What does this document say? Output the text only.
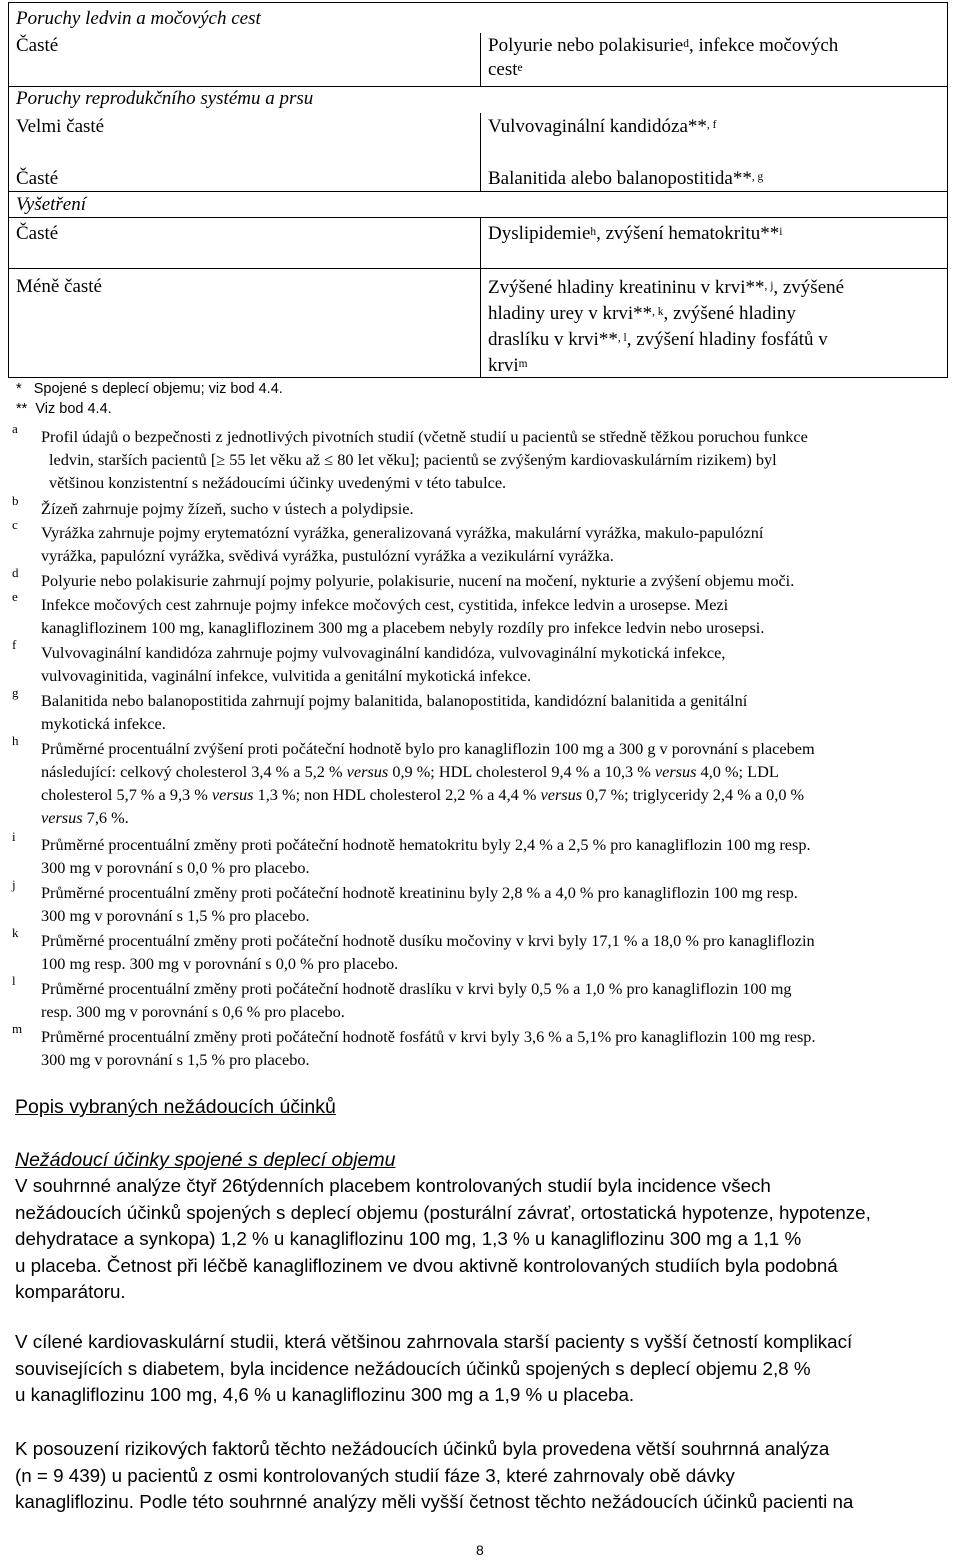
Poruchy ledvin a močových cest
Časté	Polyurie nebo polakisurie$^d$, infekce močových
cest$^e$
Poruchy reprodukčního systému a prsu
Velmi časté	Vulvovaginální kandidóza**$^{, f}$
Časté	Balanitida alebo balanopostitida**$^{, g}$
Vyšetření
Časté	Dyslipidemie$^h$, zvýšení hematokritu**$^i$
Méně časté	Zvýšené hladiny kreatininu v krvi**$^{, j}$, zvýšené
hladiny urey v krvi**$^{, k}$, zvýšené hladiny
draslíku v krvi**$^{, l}$, zvýšení hladiny fosfátů v
krvi$^m$
*   Spojené s deplecí objemu; viz bod 4.4.
**  Viz bod 4.4.
a Profil údajů o bezpečnosti z jednotlivých pivotních studií (včetně studií u pacientů se středně těžkou poruchou funkce
ledvin, starších pacientů [≥ 55 let věku až ≤ 80 let věku]; pacientů se zvýšeným kardiovaskulárním rizikem) byl
většinou konzistentní s nežádoucími účinky uvedenými v této tabulce.
b Žízeň zahrnuje pojmy žízeň, sucho v ústech a polydipsie.
c Vyrážka zahrnuje pojmy erytematózní vyrážka, generalizovaná vyrážka, makulární vyrážka, makulo-papulózní
vyrážka, papulózní vyrážka, svědivá vyrážka, pustulózní vyrážka a vezikulární vyrážka.
d Polyurie nebo polakisurie zahrnují pojmy polyurie, polakisurie, nucení na močení, nykturie a zvýšení objemu moči.
e Infekce močových cest zahrnuje pojmy infekce močových cest, cystitida, infekce ledvin a urosepse. Mezi
kanagliflozinem 100 mg, kanagliflozinem 300 mg a placebem nebyly rozdíly pro infekce ledvin nebo urosepsi.
f Vulvovaginální kandidóza zahrnuje pojmy vulvovaginální kandidóza, vulvovaginální mykotická infekce,
vulvovaginitida, vaginální infekce, vulvitida a genitální mykotická infekce.
g Balanitida nebo balanopostitida zahrnují pojmy balanitida, balanopostitida, kandidózní balanitida a genitální
mykotická infekce.
h Průměrné procentuální zvýšení proti počáteční hodnotě bylo pro kanagliflozin 100 mg a 300 g v porovnání s placebem
následující: celkový cholesterol 3,4 % a 5,2 % versus 0,9 %; HDL cholesterol 9,4 % a 10,3 % versus 4,0 %; LDL
cholesterol 5,7 % a 9,3 % versus 1,3 %; non HDL cholesterol 2,2 % a 4,4 % versus 0,7 %; triglyceridy 2,4 % a 0,0 %
versus 7,6 %.
i Průměrné procentuální změny proti počáteční hodnotě hematokritu byly 2,4 % a 2,5 % pro kanagliflozin 100 mg resp.
300 mg v porovnání s 0,0 % pro placebo.
j Průměrné procentuální změny proti počáteční hodnotě kreatininu byly 2,8 % a 4,0 % pro kanagliflozin 100 mg resp.
300 mg v porovnání s 1,5 % pro placebo.
k Průměrné procentuální změny proti počáteční hodnotě dusíku močoviny v krvi byly 17,1 % a 18,0 % pro kanagliflozin
100 mg resp. 300 mg v porovnání s 0,0 % pro placebo.
l Průměrné procentuální změny proti počáteční hodnotě draslíku v krvi byly 0,5 % a 1,0 % pro kanagliflozin 100 mg
resp. 300 mg v porovnání s 0,6 % pro placebo.
m Průměrné procentuální změny proti počáteční hodnotě fosfátů v krvi byly 3,6 % a 5,1% pro kanagliflozin 100 mg resp.
300 mg v porovnání s 1,5 % pro placebo.
Popis vybraných nežádoucích účinků
Nežádoucí účinky spojené s deplecí objemu
V souhrnné analýze čtyř 26týdenních placebem kontrolovaných studií byla incidence všech
nežádoucích účinků spojených s deplecí objemu (posturální závrať, ortostatická hypotenze, hypotenze,
dehydratace a synkopa) 1,2 % u kanagliflozinu 100 mg, 1,3 % u kanagliflozinu 300 mg a 1,1 %
u placeba. Četnost při léčbě kanagliflozinem ve dvou aktivně kontrolovaných studiích byla podobná
komparátoru.
V cílené kardiovaskulární studii, která většinou zahrnovala starší pacienty s vyšší četností komplikací
souvisejících s diabetem, byla incidence nežádoucích účinků spojených s deplecí objemu 2,8 %
u kanagliflozinu 100 mg, 4,6 % u kanagliflozinu 300 mg a 1,9 % u placeba.
K posouzení rizikových faktorů těchto nežádoucích účinků byla provedena větší souhrnná analýza
(n = 9 439) u pacientů z osmi kontrolovaných studií fáze 3, které zahrnovaly obě dávky
kanagliflozinu. Podle této souhrnné analýzy měli vyšší četnost těchto nežádoucích účinků pacienti na
8
